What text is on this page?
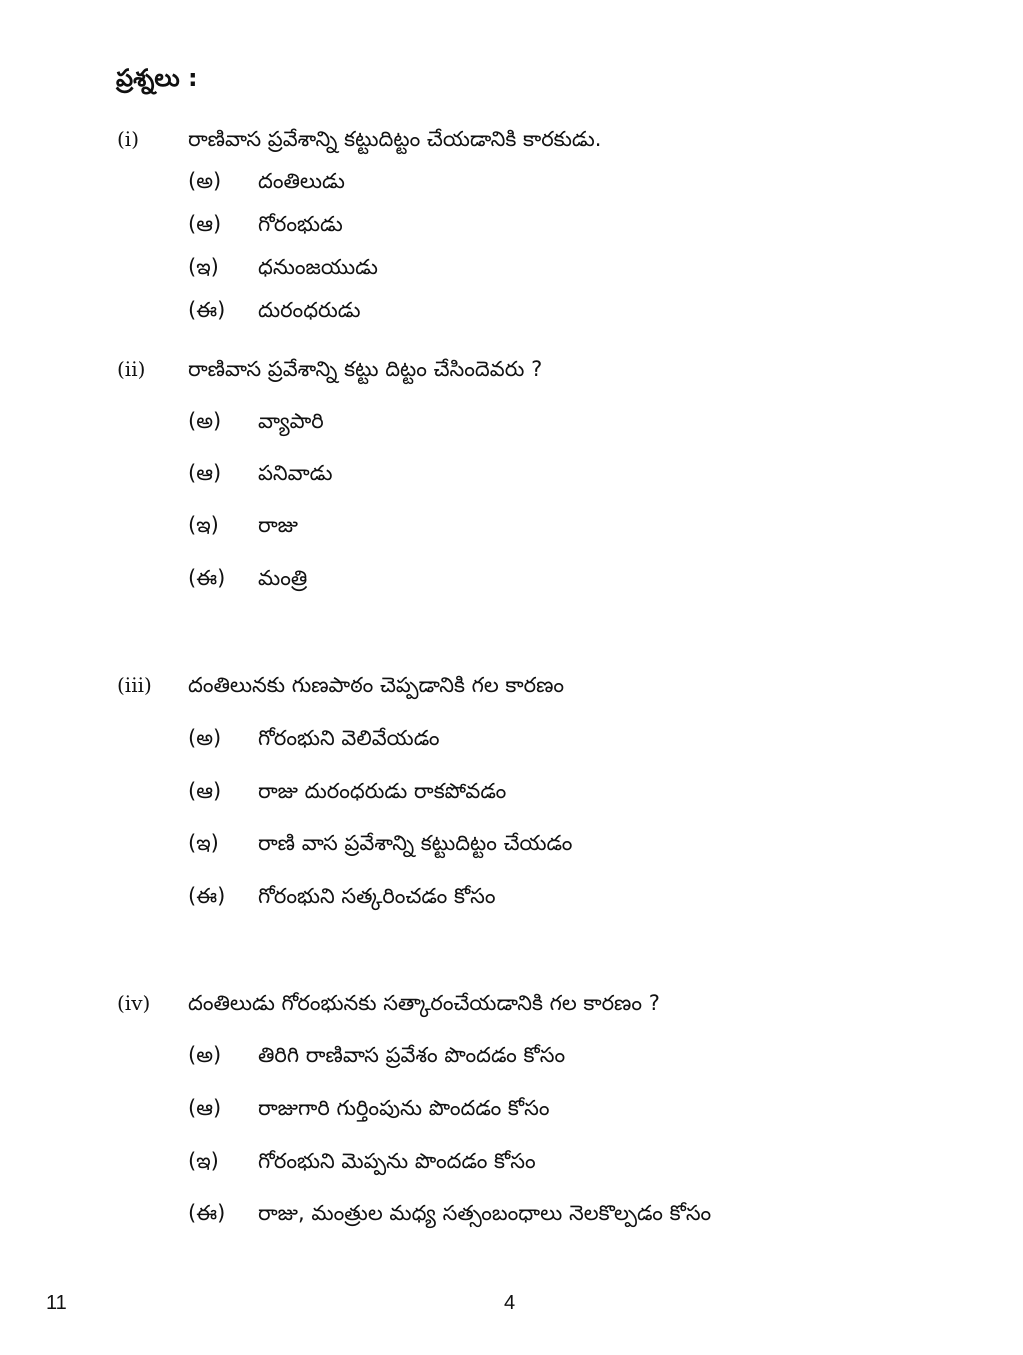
ప్రశ్నలు :
(i) రాణివాస ప్రవేశాన్ని కట్టుదిట్టం చేయడానికి కారకుడు.
(అ)	దంతిలుడు
(ఆ)	గోరంభుడు
(ఇ)	ధనుంజయుడు
(ఈ)	దురంధరుడు
(ii) రాణివాస ప్రవేశాన్ని కట్టు దిట్టం చేసిందెవరు ?
(అ)	వ్యాపారి
(ఆ)	పనివాడు
(ఇ)	రాజు
(ఈ)	మంత్రి
(iii) దంతిలునకు గుణపాఠం చెప్పడానికి గల కారణం
(అ)	గోరంభుని వెలివేయడం
(ఆ)	రాజు దురంధరుడు రాకపోవడం
(ఇ)	రాణి వాస ప్రవేశాన్ని కట్టుదిట్టం చేయడం
(ఈ)	గోరంభుని సత్కరించడం కోసం
(iv) దంతిలుడు గోరంభునకు సత్కారంచేయడానికి గల కారణం ?
(అ)	తిరిగి రాణివాస ప్రవేశం పొందడం కోసం
(ఆ)	రాజుగారి గుర్తింపును పొందడం కోసం
(ఇ)	గోరంభుని మెప్పను పొందడం కోసం
(ఈ)	రాజు, మంత్రుల మధ్య సత్సంబంధాలు నెలకొల్పడం కోసం
11	4
